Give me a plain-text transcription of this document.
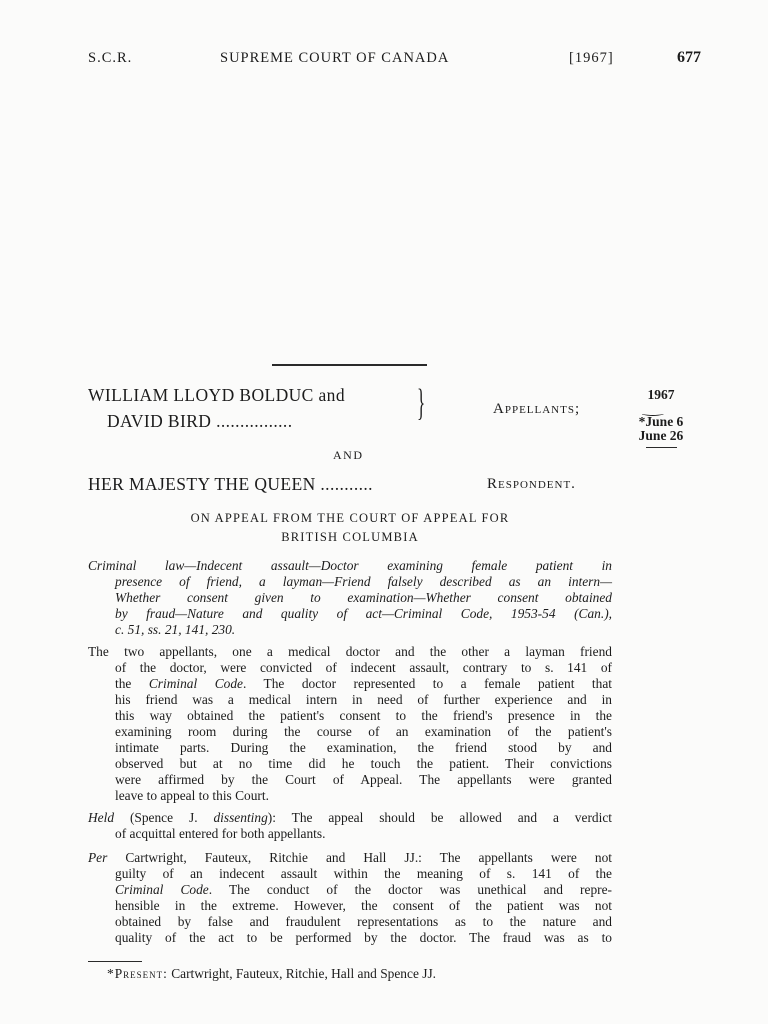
S.C.R.	SUPREME COURT OF CANADA	[1967]	677
WILLIAM LLOYD BOLDUC and
DAVID BIRD ................	}	Appellants;
AND
HER MAJESTY THE QUEEN ...........	Respondent.
ON APPEAL FROM THE COURT OF APPEAL FOR
BRITISH COLUMBIA
1967
‿
*June 6
June 26
Criminal law—Indecent assault—Doctor examining female patient in
presence of friend, a layman—Friend falsely described as an intern—
Whether consent given to examination—Whether consent obtained
by fraud—Nature and quality of act—Criminal Code, 1953-54 (Can.),
c. 51, ss. 21, 141, 230.
The two appellants, one a medical doctor and the other a layman friend
of the doctor, were convicted of indecent assault, contrary to s. 141 of
the Criminal Code. The doctor represented to a female patient that
his friend was a medical intern in need of further experience and in
this way obtained the patient's consent to the friend's presence in the
examining room during the course of an examination of the patient's
intimate parts. During the examination, the friend stood by and
observed but at no time did he touch the patient. Their convictions
were affirmed by the Court of Appeal. The appellants were granted
leave to appeal to this Court.
Held (Spence J. dissenting): The appeal should be allowed and a verdict
of acquittal entered for both appellants.
Per Cartwright, Fauteux, Ritchie and Hall JJ.: The appellants were not
guilty of an indecent assault within the meaning of s. 141 of the
Criminal Code. The conduct of the doctor was unethical and repre-
hensible in the extreme. However, the consent of the patient was not
obtained by false and fraudulent representations as to the nature and
quality of the act to be performed by the doctor. The fraud was as to
*Present: Cartwright, Fauteux, Ritchie, Hall and Spence JJ.
